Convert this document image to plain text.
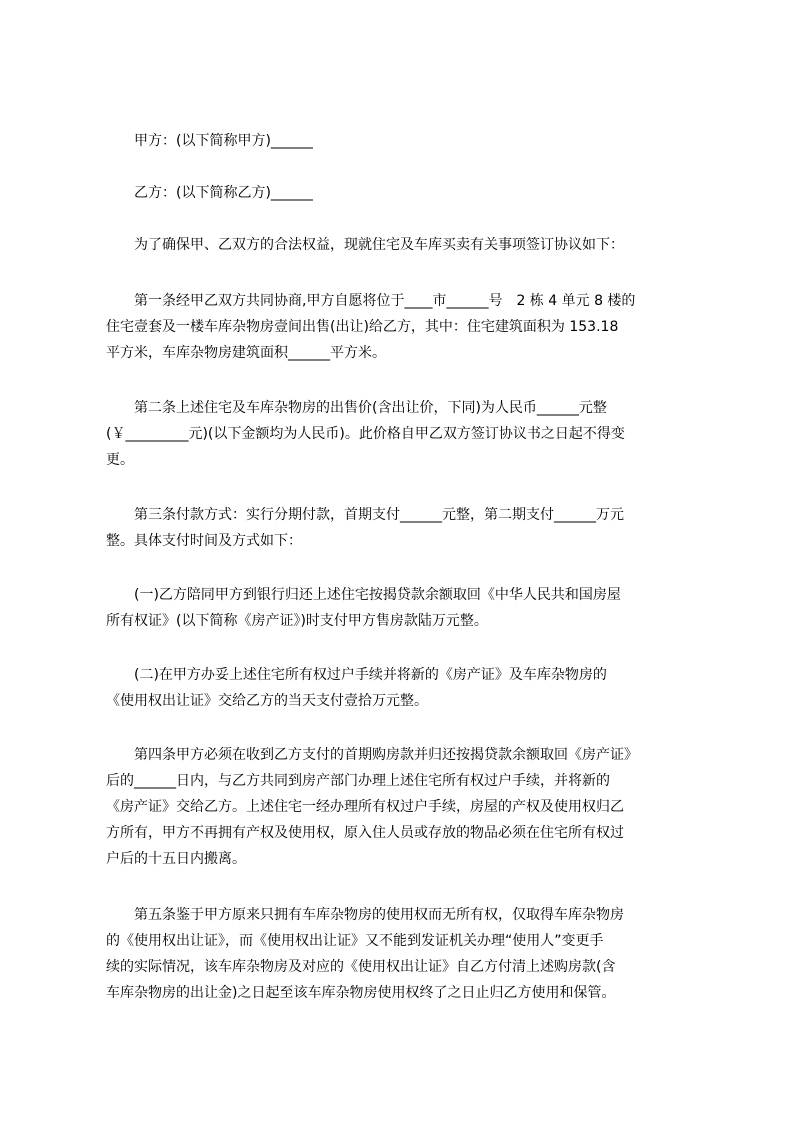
　　甲方：(以下简称甲方)______

　　乙方：(以下简称乙方)______

　　为了确保甲、乙双方的合法权益，现就住宅及车库买卖有关事项签订协议如下：

　　第一条经甲乙双方共同协商,甲方自愿将位于____市______号　2 栋 4 单元 8 楼的
住宅壹套及一楼车库杂物房壹间出售(出让)给乙方，其中：住宅建筑面积为 153.18
平方米，车库杂物房建筑面积______平方米。

　　第二条上述住宅及车库杂物房的出售价(含出让价，下同)为人民币______元整
(￥_________元)(以下金额均为人民币)。此价格自甲乙双方签订协议书之日起不得变
更。

　　第三条付款方式：实行分期付款，首期支付______元整，第二期支付______万元
整。具体支付时间及方式如下：

　　(一)乙方陪同甲方到银行归还上述住宅按揭贷款余额取回《中华人民共和国房屋
所有权证》(以下简称《房产证》)时支付甲方售房款陆万元整。

　　(二)在甲方办妥上述住宅所有权过户手续并将新的《房产证》及车库杂物房的
《使用权出让证》交给乙方的当天支付壹拾万元整。

　　第四条甲方必须在收到乙方支付的首期购房款并归还按揭贷款余额取回《房产证》
后的______日内，与乙方共同到房产部门办理上述住宅所有权过户手续，并将新的
《房产证》交给乙方。上述住宅一经办理所有权过户手续，房屋的产权及使用权归乙
方所有，甲方不再拥有产权及使用权，原入住人员或存放的物品必须在住宅所有权过
户后的十五日内搬离。

　　第五条鉴于甲方原来只拥有车库杂物房的使用权而无所有权，仅取得车库杂物房
的《使用权出让证》，而《使用权出让证》又不能到发证机关办理“使用人”变更手
续的实际情况，该车库杂物房及对应的《使用权出让证》自乙方付清上述购房款(含
车库杂物房的出让金)之日起至该车库杂物房使用权终了之日止归乙方使用和保管。
